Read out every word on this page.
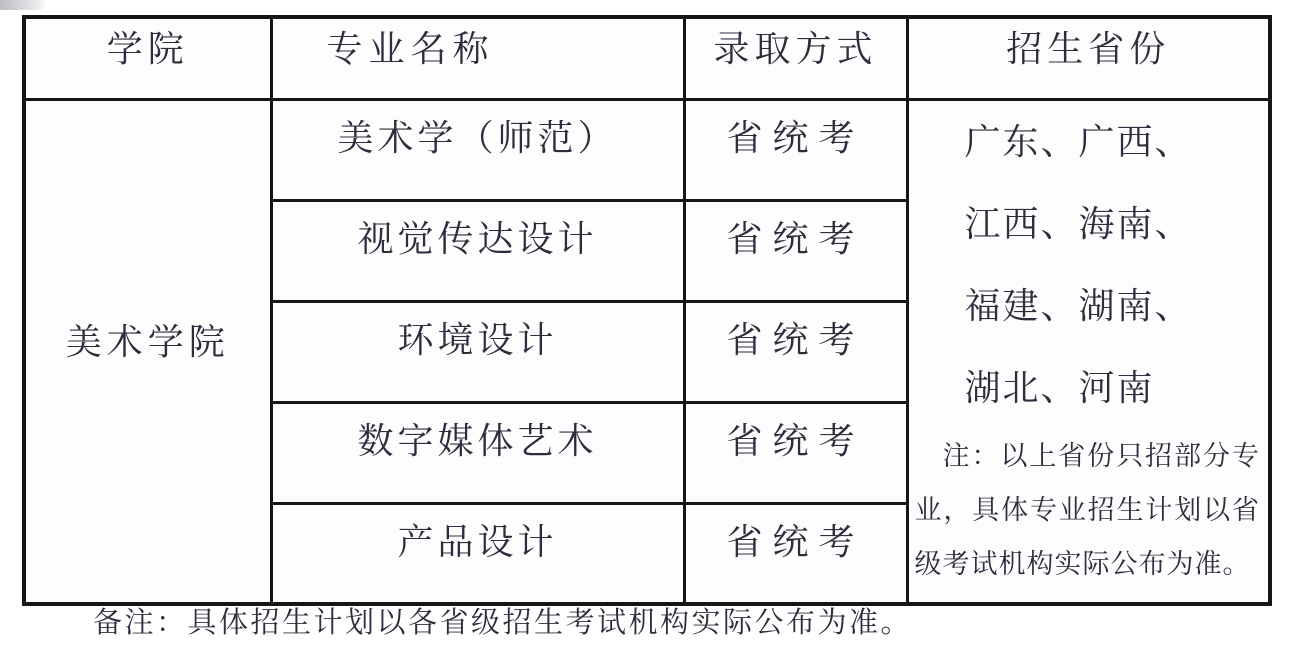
学院	专业名称	录取方式	招生省份
美术学院	美术学（师范）	省统考	广东、广西、
江西、海南、
福建、湖南、
湖北、河南
注：以上省份只招部分专业，具体专业招生计划以省级考试机构实际公布为准。

	视觉传达设计	省统考	
	环境设计	省统考	
	数字媒体艺术	省统考	
	产品设计	省统考	
备注：具体招生计划以各省级招生考试机构实际公布为准。
